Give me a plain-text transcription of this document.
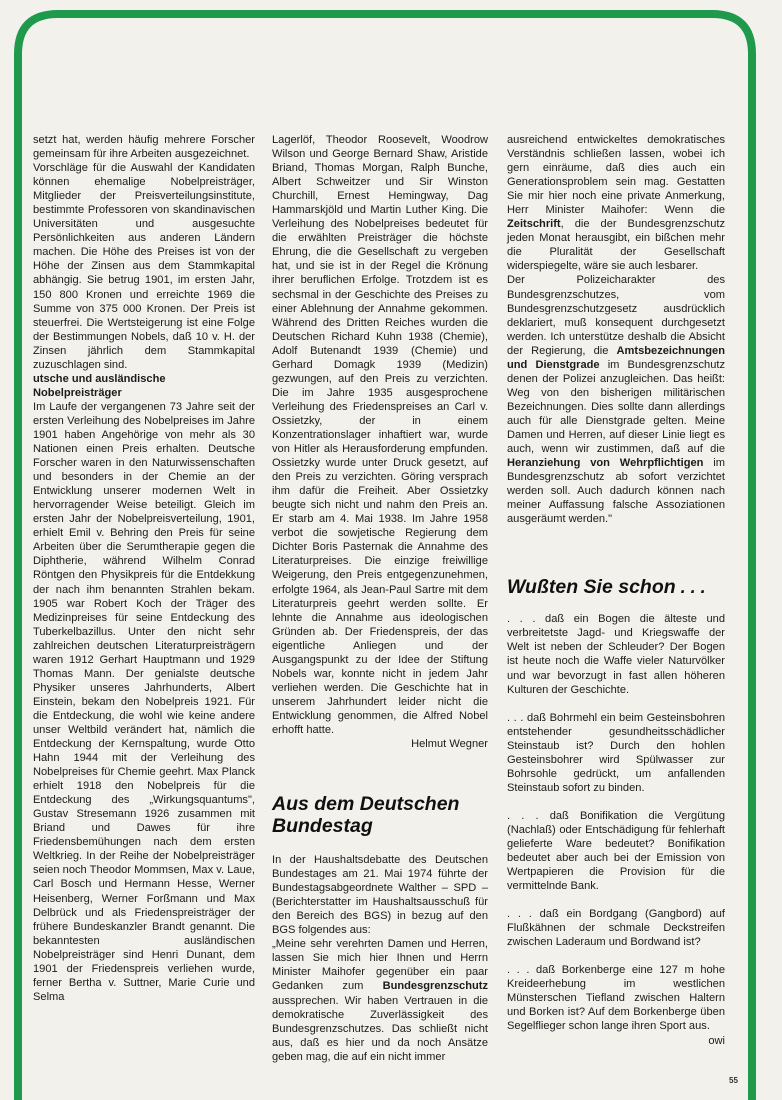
setzt hat, werden häufig mehrere Forscher gemeinsam für ihre Arbeiten ausgezeichnet.

Vorschläge für die Auswahl der Kandidaten können ehemalige Nobelpreisträger, Mitglieder der Preisverteilungsinstitute, bestimmte Professoren von skandinavischen Universitäten und ausgesuchte Persönlichkeiten aus anderen Ländern machen. Die Höhe des Preises ist von der Höhe der Zinsen aus dem Stammkapital abhängig. Sie betrug 1901, im ersten Jahr, 150 800 Kronen und erreichte 1969 die Summe von 375 000 Kronen. Der Preis ist steuerfrei. Die Wertsteigerung ist eine Folge der Bestimmungen Nobels, daß 10 v. H. der Zinsen jährlich dem Stammkapital zuzuschlagen sind.

utsche und ausländische Nobelpreisträger

Im Laufe der vergangenen 73 Jahre seit der ersten Verleihung des Nobelpreises im Jahre 1901 haben Angehörige von mehr als 30 Nationen einen Preis erhalten. Deutsche Forscher waren in den Naturwissenschaften und besonders in der Chemie an der Entwicklung unserer modernen Welt in hervorragender Weise beteiligt. Gleich im ersten Jahr der Nobelpreisverteilung, 1901, erhielt Emil v. Behring den Preis für seine Arbeiten über die Serumtherapie gegen die Diphtherie, während Wilhelm Conrad Röntgen den Physikpreis für die Entdekkung der nach ihm benannten Strahlen bekam. 1905 war Robert Koch der Träger des Medizinpreises für seine Entdeckung des Tuberkelbazillus. Unter den nicht sehr zahlreichen deutschen Literaturpreisträgern waren 1912 Gerhart Hauptmann und 1929 Thomas Mann. Der genialste deutsche Physiker unseres Jahrhunderts, Albert Einstein, bekam den Nobelpreis 1921. Für die Entdeckung, die wohl wie keine andere unser Weltbild verändert hat, nämlich die Entdeckung der Kernspaltung, wurde Otto Hahn 1944 mit der Verleihung des Nobelpreises für Chemie geehrt. Max Planck erhielt 1918 den Nobelpreis für die Entdeckung des „Wirkungsquantums", Gustav Stresemann 1926 zusammen mit Briand und Dawes für ihre Friedensbemühungen nach dem ersten Weltkrieg. In der Reihe der Nobelpreisträger seien noch Theodor Mommsen, Max v. Laue, Carl Bosch und Hermann Hesse, Werner Heisenberg, Werner Forßmann und Max Delbrück und als Friedenspreisträger der frühere Bundeskanzler Brandt genannt. Die bekanntesten ausländischen Nobelpreisträger sind Henri Dunant, dem 1901 der Friedenspreis verliehen wurde, ferner Bertha v. Suttner, Marie Curie und Selma

Lagerlöf, Theodor Roosevelt, Woodrow Wilson und George Bernard Shaw, Aristide Briand, Thomas Morgan, Ralph Bunche, Albert Schweitzer und Sir Winston Churchill, Ernest Hemingway, Dag Hammarskjöld und Martin Luther King. Die Verleihung des Nobelpreises bedeutet für die erwählten Preisträger die höchste Ehrung, die die Gesellschaft zu vergeben hat, und sie ist in der Regel die Krönung ihrer beruflichen Erfolge. Trotzdem ist es sechsmal in der Geschichte des Preises zu einer Ablehnung der Annahme gekommen. Während des Dritten Reiches wurden die Deutschen Richard Kuhn 1938 (Chemie), Adolf Butenandt 1939 (Chemie) und Gerhard Domagk 1939 (Medizin) gezwungen, auf den Preis zu verzichten. Die im Jahre 1935 ausgesprochene Verleihung des Friedenspreises an Carl v. Ossietzky, der in einem Konzentrationslager inhaftiert war, wurde von Hitler als Herausforderung empfunden. Ossietzky wurde unter Druck gesetzt, auf den Preis zu verzichten. Göring versprach ihm dafür die Freiheit. Aber Ossietzky beugte sich nicht und nahm den Preis an. Er starb am 4. Mai 1938. Im Jahre 1958 verbot die sowjetische Regierung dem Dichter Boris Pasternak die Annahme des Literaturpreises. Die einzige freiwillige Weigerung, den Preis entgegenzunehmen, erfolgte 1964, als Jean-Paul Sartre mit dem Literaturpreis geehrt werden sollte. Er lehnte die Annahme aus ideologischen Gründen ab. Der Friedenspreis, der das eigentliche Anliegen und der Ausgangspunkt zu der Idee der Stiftung Nobels war, konnte nicht in jedem Jahr verliehen werden. Die Geschichte hat in unserem Jahrhundert leider nicht die Entwicklung genommen, die Alfred Nobel erhofft hatte.

Helmut Wegner

Aus dem Deutschen Bundestag

In der Haushaltsdebatte des Deutschen Bundestages am 21. Mai 1974 führte der Bundestagsabgeordnete Walther – SPD – (Berichterstatter im Haushaltsausschuß für den Bereich des BGS) in bezug auf den BGS folgendes aus:

„Meine sehr verehrten Damen und Herren, lassen Sie mich hier Ihnen und Herrn Minister Maihofer gegenüber ein paar Gedanken zum Bundesgrenzschutz aussprechen. Wir haben Vertrauen in die demokratische Zuverlässigkeit des Bundesgrenzschutzes. Das schließt nicht aus, daß es hier und da noch Ansätze geben mag, die auf ein nicht immer

ausreichend entwickeltes demokratisches Verständnis schließen lassen, wobei ich gern einräume, daß dies auch ein Generationsproblem sein mag. Gestatten Sie mir hier noch eine private Anmerkung, Herr Minister Maihofer: Wenn die Zeitschrift, die der Bundesgrenzschutz jeden Monat herausgibt, ein bißchen mehr die Pluralität der Gesellschaft widerspiegelte, wäre sie auch lesbarer.

Der Polizeicharakter des Bundesgrenzschutzes, vom Bundesgrenzschutzgesetz ausdrücklich deklariert, muß konsequent durchgesetzt werden. Ich unterstütze deshalb die Absicht der Regierung, die Amtsbezeichnungen und Dienstgrade im Bundesgrenzschutz denen der Polizei anzugleichen. Das heißt: Weg von den bisherigen militärischen Bezeichnungen. Dies sollte dann allerdings auch für alle Dienstgrade gelten. Meine Damen und Herren, auf dieser Linie liegt es auch, wenn wir zustimmen, daß auf die Heranziehung von Wehrpflichtigen im Bundesgrenzschutz ab sofort verzichtet werden soll. Auch dadurch können nach meiner Auffassung falsche Assoziationen ausgeräumt werden."

Wußten Sie schon . . .

. . . daß ein Bogen die älteste und verbreitetste Jagd- und Kriegswaffe der Welt ist neben der Schleuder? Der Bogen ist heute noch die Waffe vieler Naturvölker und war bevorzugt in fast allen höheren Kulturen der Geschichte.

. . . daß Bohrmehl ein beim Gesteinsbohren entstehender gesundheitsschädlicher Steinstaub ist? Durch den hohlen Gesteinsbohrer wird Spülwasser zur Bohrsohle gedrückt, um anfallenden Steinstaub sofort zu binden.

. . . daß Bonifikation die Vergütung (Nachlaß) oder Entschädigung für fehlerhaft gelieferte Ware bedeutet? Bonifikation bedeutet aber auch bei der Emission von Wertpapieren die Provision für die vermittelnde Bank.

. . . daß ein Bordgang (Gangbord) auf Flußkähnen der schmale Deckstreifen zwischen Laderaum und Bordwand ist?

. . . daß Borkenberge eine 127 m hohe Kreideerhebung im westlichen Münsterschen Tiefland zwischen Haltern und Borken ist? Auf dem Borkenberge üben Segelflieger schon lange ihren Sport aus.

owi

55
